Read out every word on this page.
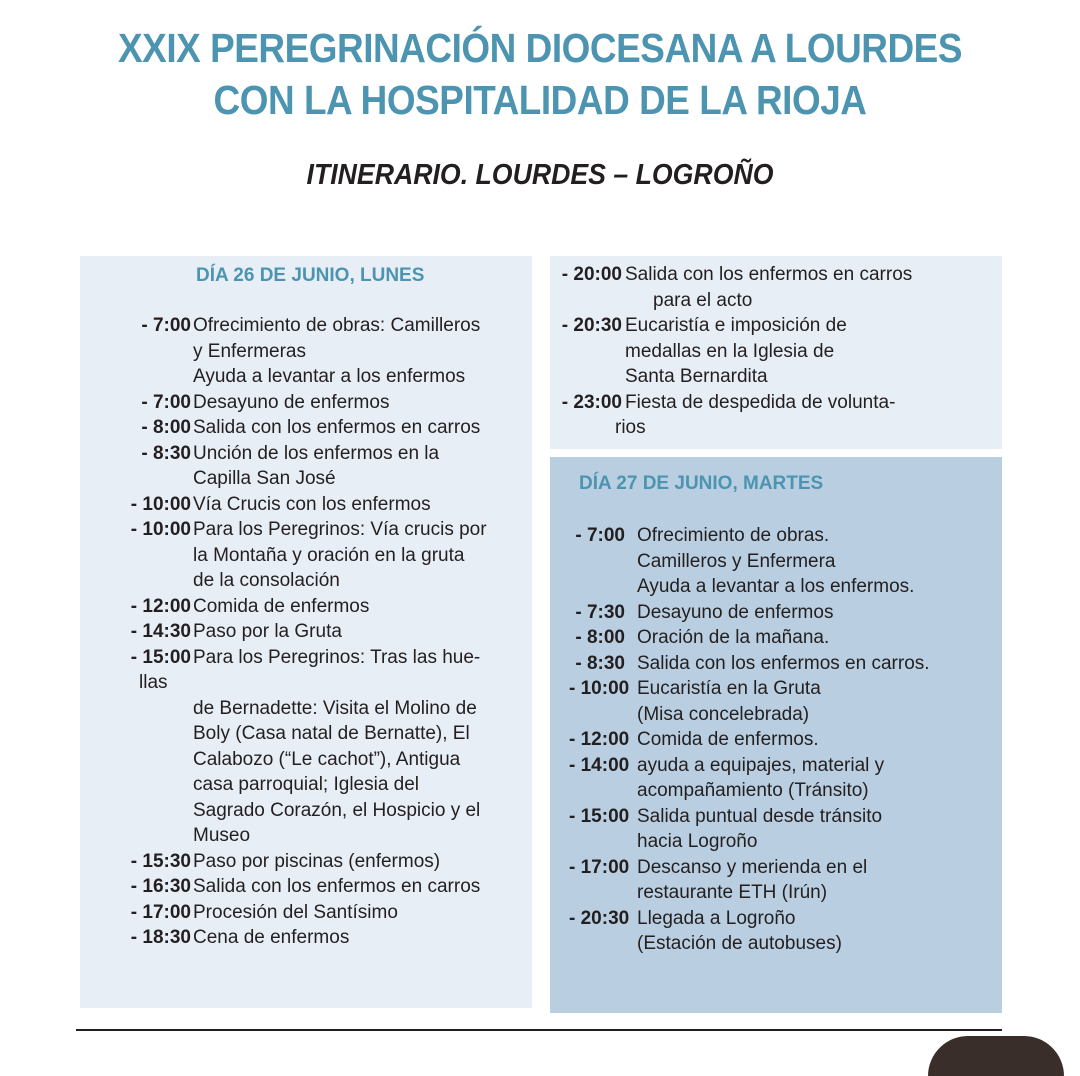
XXIX PEREGRINACIÓN DIOCESANA A LOURDES
CON LA HOSPITALIDAD DE LA RIOJA
ITINERARIO. LOURDES – LOGROÑO
DÍA 26 DE JUNIO, LUNES
- 7:00 Ofrecimiento de obras: Camilleros
y Enfermeras
Ayuda a levantar a los enfermos
- 7:00 Desayuno de enfermos
- 8:00 Salida con los enfermos en carros
- 8:30 Unción de los enfermos en la
Capilla San José
- 10:00 Vía Crucis con los enfermos
- 10:00 Para los Peregrinos: Vía crucis por
la Montaña y oración en la gruta
de la consolación
- 12:00 Comida de enfermos
- 14:30 Paso por la Gruta
- 15:00 Para los Peregrinos: Tras las hue-
llas
de Bernadette: Visita el Molino de
Boly (Casa natal de Bernatte), El
Calabozo (“Le cachot”), Antigua
casa parroquial; Iglesia del
Sagrado Corazón, el Hospicio y el
Museo
- 15:30 Paso por piscinas (enfermos)
- 16:30 Salida con los enfermos en carros
- 17:00 Procesión del Santísimo
- 18:30 Cena de enfermos
- 20:00 Salida con los enfermos en carros
para el acto
- 20:30 Eucaristía e imposición de
medallas en la Iglesia de
Santa Bernardita
- 23:00 Fiesta de despedida de volunta-
rios
DÍA 27 DE JUNIO, MARTES
- 7:00 Ofrecimiento de obras.
Camilleros y Enfermera
Ayuda a levantar a los enfermos.
- 7:30 Desayuno de enfermos
- 8:00 Oración de la mañana.
- 8:30 Salida con los enfermos en carros.
- 10:00 Eucaristía en la Gruta
(Misa concelebrada)
- 12:00 Comida de enfermos.
- 14:00 ayuda a equipajes, material y
acompañamiento (Tránsito)
- 15:00 Salida puntual desde tránsito
hacia Logroño
- 17:00 Descanso y merienda en el
restaurante ETH (Irún)
- 20:30 Llegada a Logroño
(Estación de autobuses)
